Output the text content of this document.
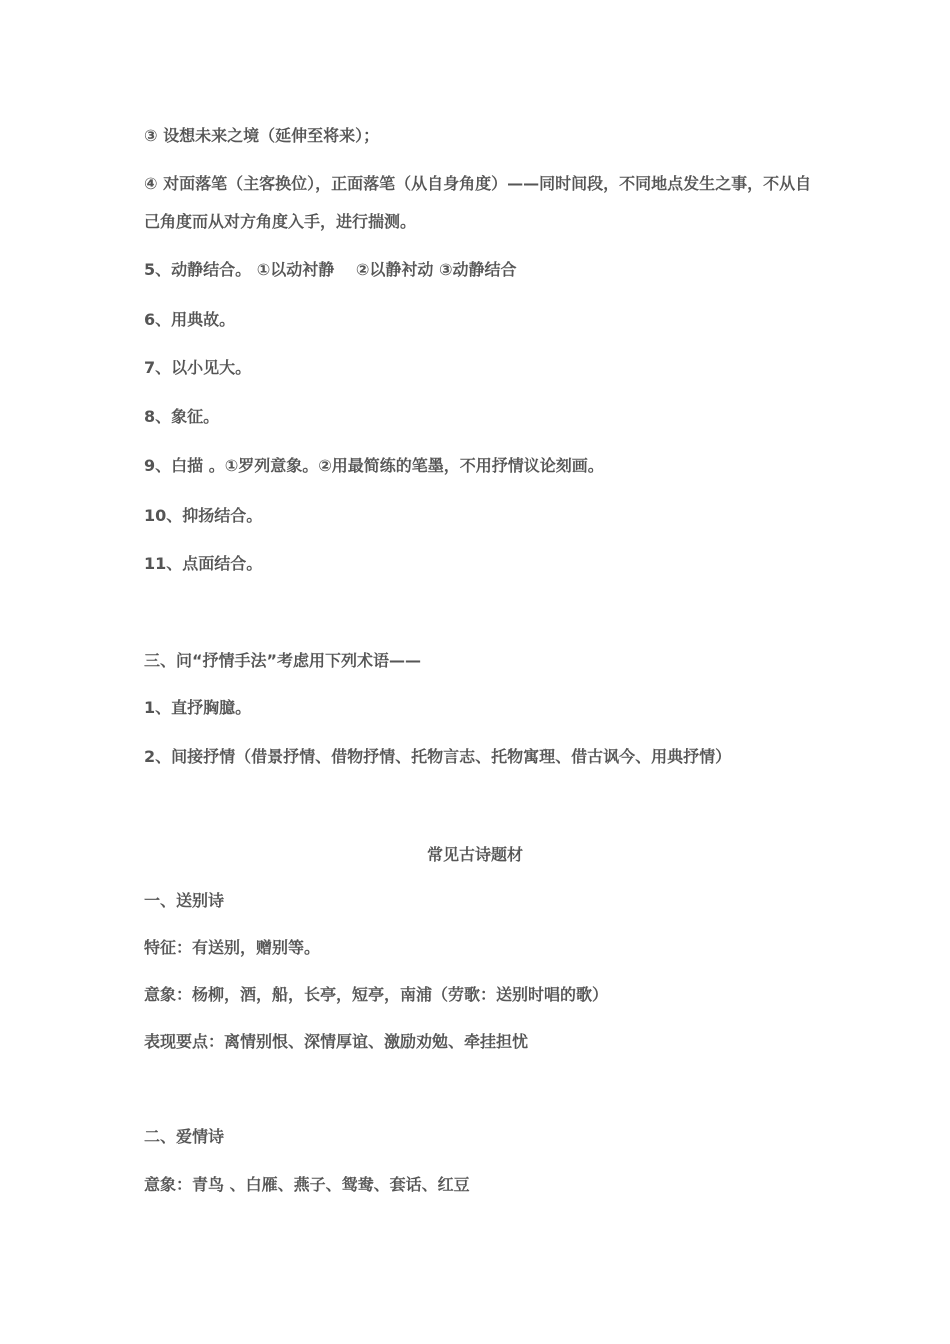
③ 设想未来之境（延伸至将来）；
④ 对面落笔（主客换位），正面落笔（从自身角度）——同时间段，不同地点发生之事，不从自
己角度而从对方角度入手，进行揣测。
5、动静结合。 ①以动衬静 　②以静衬动 ③动静结合
6、用典故。
7、以小见大。
8、象征。
9、白描 。①罗列意象。②用最简练的笔墨，不用抒情议论刻画。
10、抑扬结合。
11、点面结合。
三、问“抒情手法”考虑用下列术语——
1、直抒胸臆。
2、间接抒情（借景抒情、借物抒情、托物言志、托物寓理、借古讽今、用典抒情）
常见古诗题材
一、送别诗
特征：有送别，赠别等。
意象：杨柳，酒，船，长亭，短亭，南浦（劳歌：送别时唱的歌）
表现要点：离情别恨、深情厚谊、激励劝勉、牵挂担忧
二、爱情诗
意象：青鸟 、白雁、燕子、鸳鸯、套话、红豆
